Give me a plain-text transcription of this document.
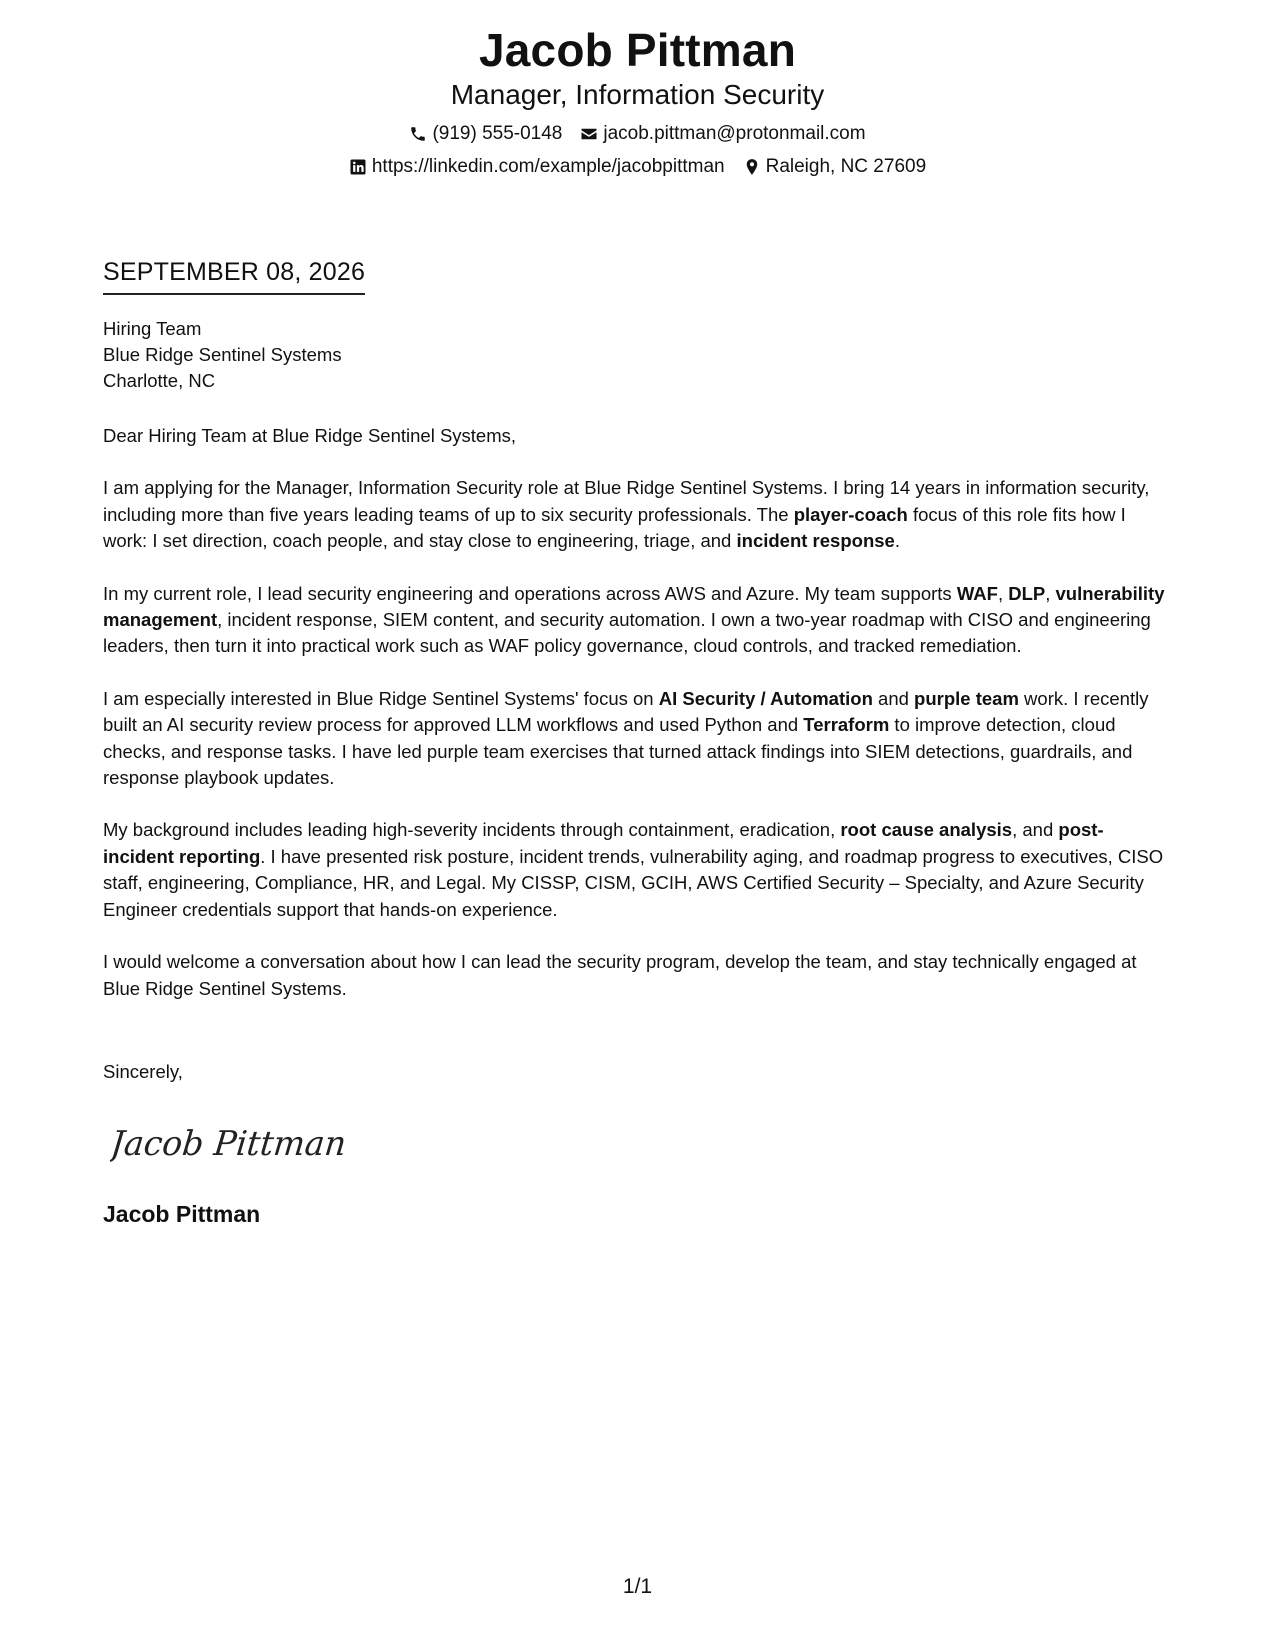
Jacob Pittman
Manager, Information Security
(919) 555-0148 jacob.pittman@protonmail.com
https://linkedin.com/example/jacobpittman Raleigh, NC 27609
SEPTEMBER 08, 2026
Hiring Team
Blue Ridge Sentinel Systems
Charlotte, NC

Dear Hiring Team at Blue Ridge Sentinel Systems,

I am applying for the Manager, Information Security role at Blue Ridge Sentinel Systems. I bring 14 years in information security, including more than five years leading teams of up to six security professionals. The player-coach focus of this role fits how I work: I set direction, coach people, and stay close to engineering, triage, and incident response.

In my current role, I lead security engineering and operations across AWS and Azure. My team supports WAF, DLP, vulnerability management, incident response, SIEM content, and security automation. I own a two-year roadmap with CISO and engineering leaders, then turn it into practical work such as WAF policy governance, cloud controls, and tracked remediation.

I am especially interested in Blue Ridge Sentinel Systems' focus on AI Security / Automation and purple team work. I recently built an AI security review process for approved LLM workflows and used Python and Terraform to improve detection, cloud checks, and response tasks. I have led purple team exercises that turned attack findings into SIEM detections, guardrails, and response playbook updates.

My background includes leading high-severity incidents through containment, eradication, root cause analysis, and post-incident reporting. I have presented risk posture, incident trends, vulnerability aging, and roadmap progress to executives, CISO staff, engineering, Compliance, HR, and Legal. My CISSP, CISM, GCIH, AWS Certified Security – Specialty, and Azure Security Engineer credentials support that hands-on experience.

I would welcome a conversation about how I can lead the security program, develop the team, and stay technically engaged at Blue Ridge Sentinel Systems.

Sincerely,
Jacob Pittman
Jacob Pittman
1/1
